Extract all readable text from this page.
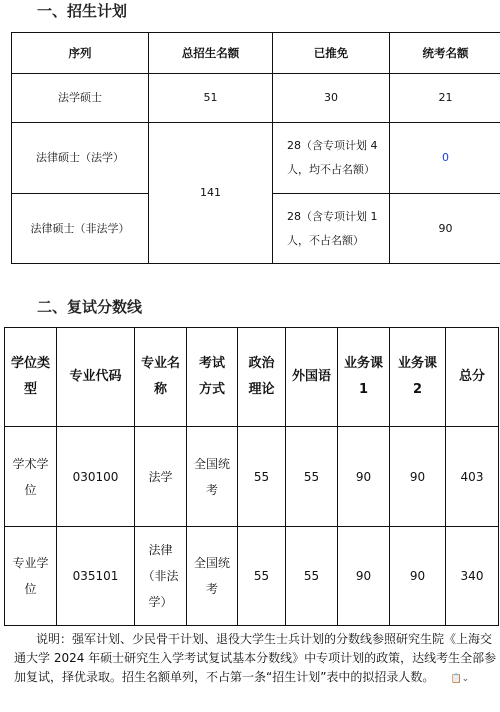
一、招生计划
序列	总招生名额	已推免	统考名额
法学硕士	51	30	21
法律硕士（法学）	141	28（含专项计划 4 人，均不占名额）	0
法律硕士（非法学）		28（含专项计划 1 人，不占名额）	90
二、复试分数线
学位类型	专业代码	专业名称	考试方式	政治理论	外国语	业务课 1	业务课 2	总分
学术学位	030100	法学	全国统考	55	55	90	90	403
专业学位	035101	法律（非法学）	全国统考	55	55	90	90	340
说明：强军计划、少民骨干计划、退役大学生士兵计划的分数线参照研究生院《上海交通大学 2024 年硕士研究生入学考试复试基本分数线》中专项计划的政策，达线考生全部参加复试，择优录取。招生名额单列，不占第一条“招生计划”表中的拟招录人数。 📋⌄
